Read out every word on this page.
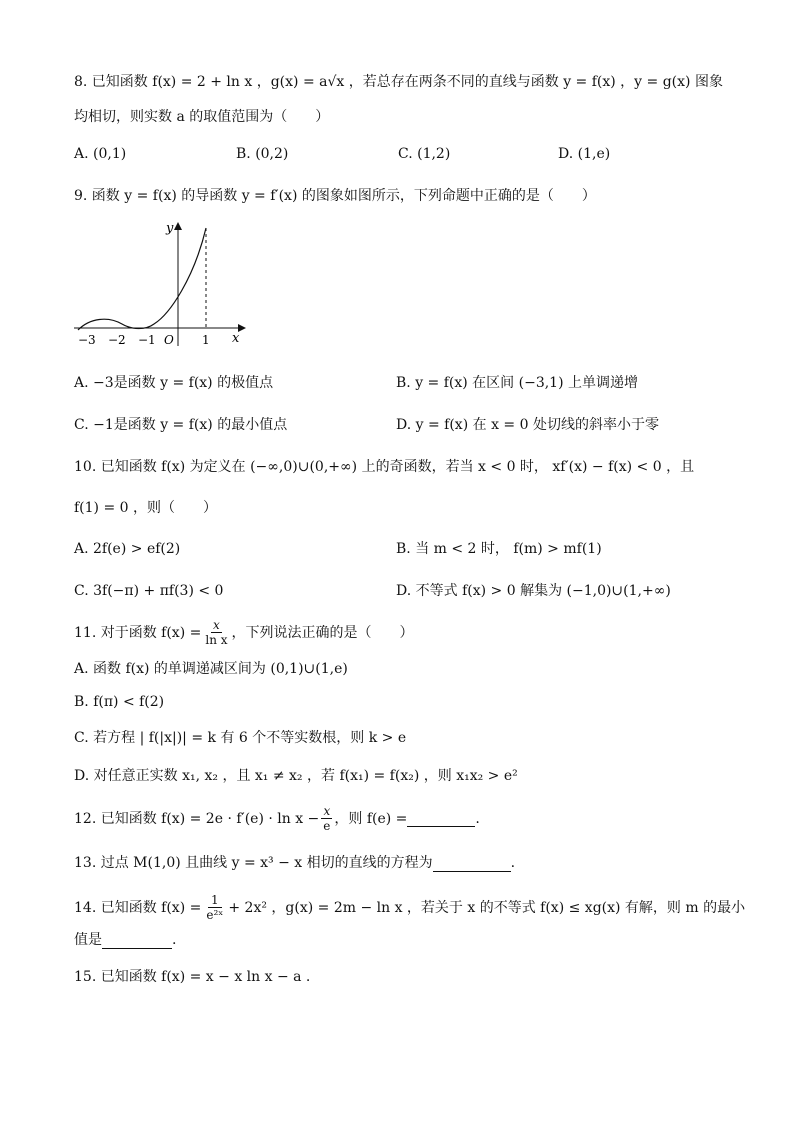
8. 已知函数 f(x) = 2 + ln x ，g(x) = a√x ，若总存在两条不同的直线与函数 y = f(x) ，y = g(x) 图象
均相切，则实数 a 的取值范围为（　　）
A. (0,1)	B. (0,2)	C. (1,2)	D. (1,e)
9. 函数 y = f(x) 的导函数 y = f′(x) 的图象如图所示，下列命题中正确的是（　　）
y
x
−3 −2 −1 O 1
A. −3是函数 y = f(x) 的极值点	B. y = f(x) 在区间 (−3,1) 上单调递增
C. −1是函数 y = f(x) 的最小值点	D. y = f(x) 在 x = 0 处切线的斜率小于零
10. 已知函数 f(x) 为定义在 (−∞,0)∪(0,+∞) 上的奇函数，若当 x < 0 时， xf′(x) − f(x) < 0 ，且
f(1) = 0 ，则（　　）
A. 2f(e) > ef(2)	B. 当 m < 2 时， f(m) > mf(1)
C. 3f(−π) + πf(3) < 0	D. 不等式 f(x) > 0 解集为 (−1,0)∪(1,+∞)
11. 对于函数 $f(x) = \frac{x}{\text{ln x}}$ ，下列说法正确的是（　　）
A. 函数 f(x) 的单调递减区间为 (0,1)∪(1,e)
B. f(π) < f(2)
C. 若方程 | f(|x|)| = k 有 6 个不等实数根，则 k > e
D. 对任意正实数 x₁, x₂ ，且 x₁ ≠ x₂ ，若 f(x₁) = f(x₂) ，则 x₁x₂ > e²
12. 已知函数 $f(x) = 2e \cdot f'(e) \cdot \ln x - \frac{x}{e}$ ，则 f(e) =	.
13. 过点 M(1,0) 且曲线 y = x³ − x 相切的直线的方程为	.
14. 已知函数 $f(x) = \frac{1}{\text{e²ˣ}} + 2x^2$ ，g(x) = 2m − ln x ，若关于 x 的不等式 f(x) ≤ xg(x) 有解，则 m 的最小
值是	.
15. 已知函数 f(x) = x − x ln x − a .
